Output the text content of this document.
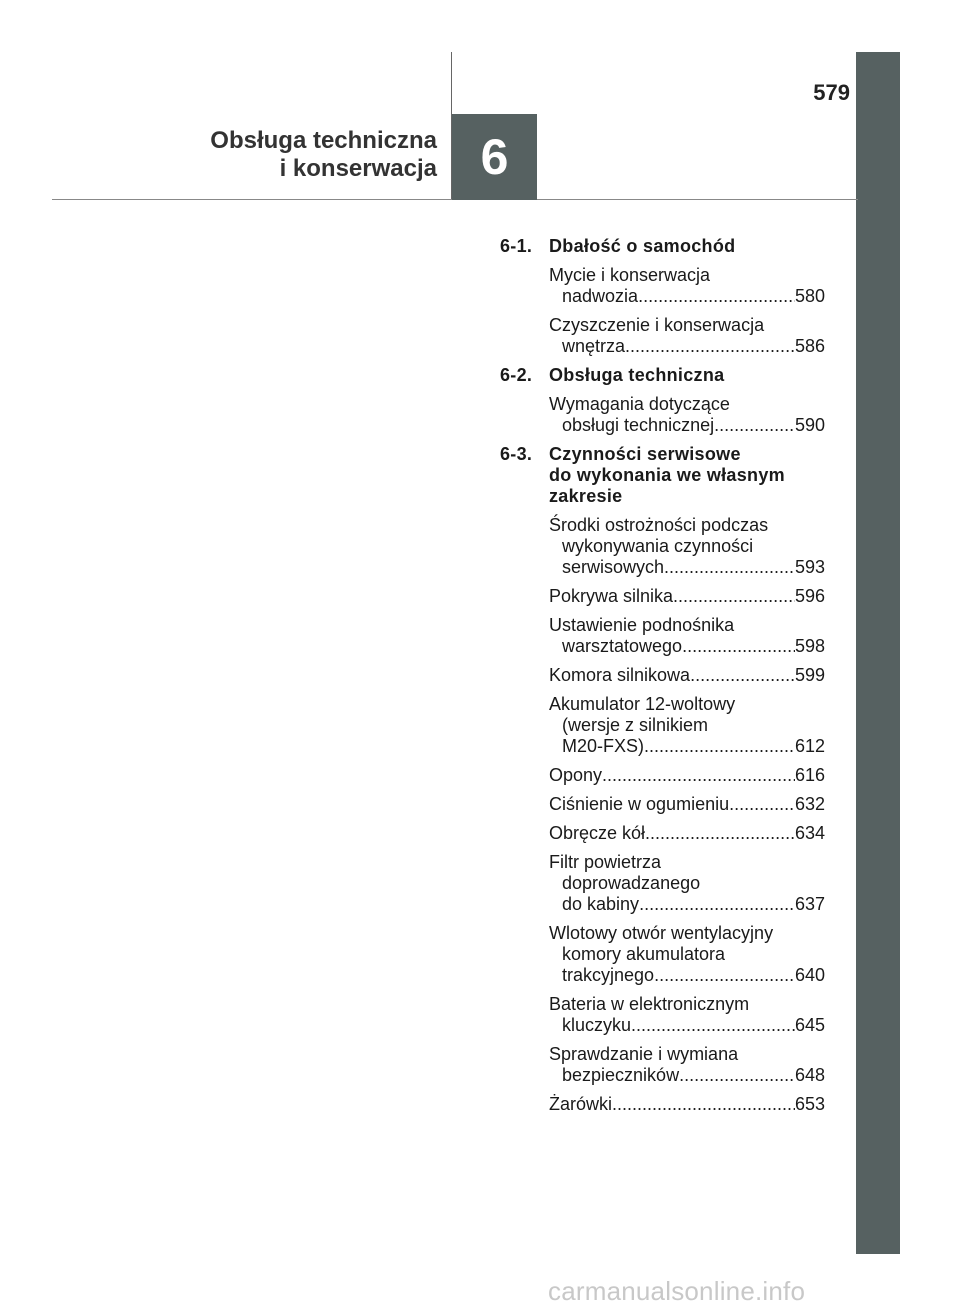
579
Obsługa techniczna
i konserwacja 6
6-1. Dbałość o samochód
Mycie i konserwacja
nadwozia .....	580
Czyszczenie i konserwacja
wnętrza .....	586
6-2. Obsługa techniczna
Wymagania dotyczące
obsługi technicznej .....	590
6-3. Czynności serwisowe
do wykonania we własnym
zakresie
Środki ostrożności podczas
wykonywania czynności
serwisowych .....	593
Pokrywa silnika .....	596
Ustawienie podnośnika
warsztatowego .....	598
Komora silnikowa .....	599
Akumulator 12-woltowy
(wersje z silnikiem
M20-FXS) .....	612
Opony .....	616
Ciśnienie w ogumieniu .....	632
Obręcze kół .....	634
Filtr powietrza
doprowadzanego
do kabiny .....	637
Wlotowy otwór wentylacyjny
komory akumulatora
trakcyjnego .....	640
Bateria w elektronicznym
kluczyku .....	645
Sprawdzanie i wymiana
bezpieczników .....	648
Żarówki .....	653
carmanualsonline.info
